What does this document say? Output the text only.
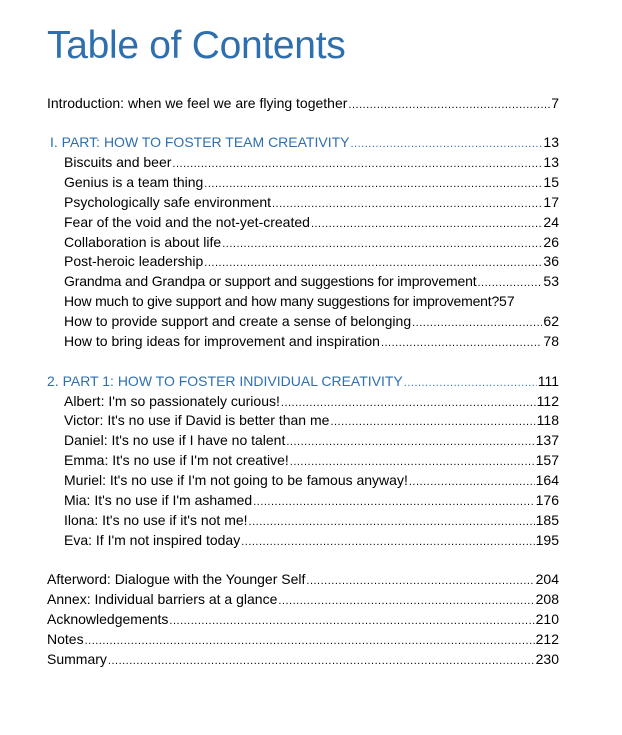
Table of Contents
Introduction: when we feel we are flying together .....	7
I. PART: HOW TO FOSTER TEAM CREATIVITY .....	13
Biscuits and beer .....	13
Genius is a team thing .....	15
Psychologically safe environment .....	17
Fear of the void and the not-yet-created .....	24
Collaboration is about life .....	26
Post-heroic leadership .....	36
Grandma and Grandpa or support and suggestions for improvement .....	53
How much to give support and how many suggestions for improvement? 57
How to provide support and create a sense of belonging .....	62
How to bring ideas for improvement and inspiration .....	78
2. PART 1: HOW TO FOSTER INDIVIDUAL CREATIVITY .....	111
Albert: I'm so passionately curious! .....	112
Victor: It's no use if David is better than me .....	118
Daniel: It's no use if I have no talent .....	137
Emma: It's no use if I'm not creative! .....	157
Muriel: It's no use if I'm not going to be famous anyway! .....	164
Mia: It's no use if I'm ashamed .....	176
Ilona: It's no use if it's not me! .....	185
Eva: If I'm not inspired today .....	195
Afterword: Dialogue with the Younger Self .....	204
Annex: Individual barriers at a glance .....	208
Acknowledgements .....	210
Notes .....	212
Summary .....	230
